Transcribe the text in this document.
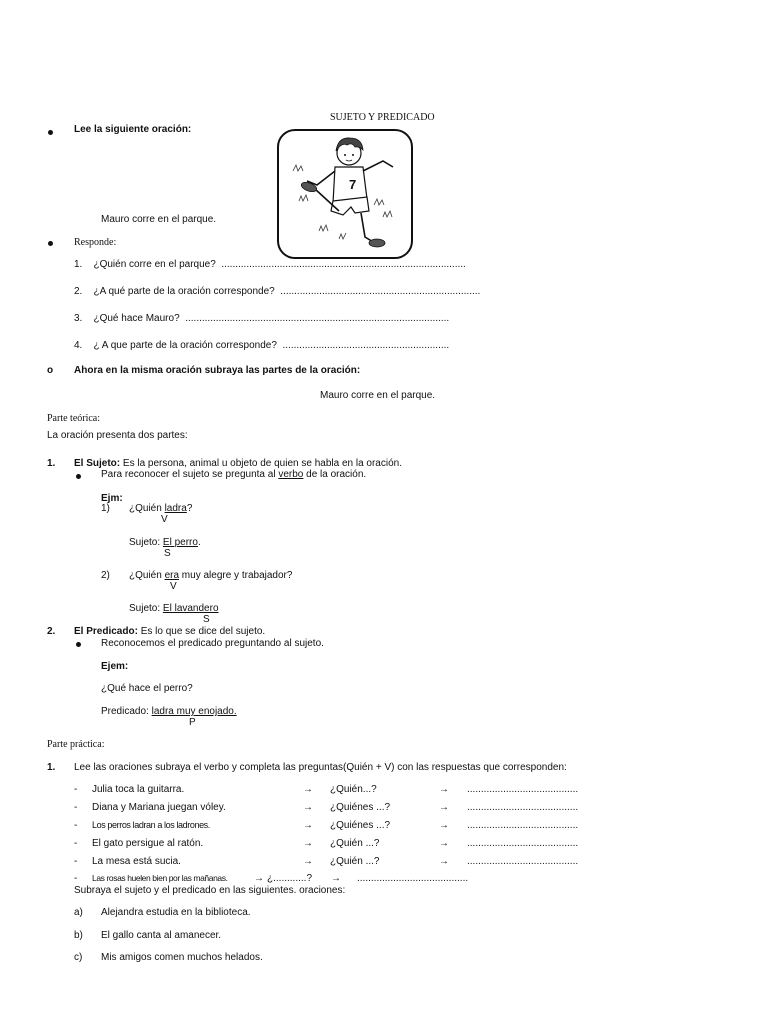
SUJETO Y PREDICADO
Lee la siguiente oración:
7
Mauro corre en el parque.
Responde:
1. ¿Quién corre en el parque? ........................................................................................
2. ¿A qué parte de la oración corresponde? ........................................................................
3. ¿Qué hace Mauro? ...............................................................................................
4. ¿ A que parte de la oración corresponde? ............................................................
o Ahora en la misma oración subraya las partes de la oración:
Mauro corre en el parque.
Parte teórica:
La oración presenta dos partes:
1. El Sujeto: Es la persona, animal u objeto de quien se habla en la oración.
Para reconocer el sujeto se pregunta al verbo de la oración.
Ejm:
1) ¿Quién ladra?
V
Sujeto: El perro.
S
2) ¿Quién era muy alegre y trabajador?
V
Sujeto: El lavandero
S
2. El Predicado: Es lo que se dice del sujeto.
Reconocemos el predicado preguntando al sujeto.
Ejem:
¿Qué hace el perro?
Predicado: ladra muy enojado.
P
Parte práctica:
1. Lee las oraciones subraya el verbo y completa las preguntas(Quién + V) con las respuestas que corresponden:
- Julia toca la guitarra.	→ ¿Quién...?	→ ........................................
- Diana y Mariana juegan vóley.	→ ¿Quiénes ...?	→ ........................................
- Los perros ladran a los ladrones.	→ ¿Quiénes ...?	→ ........................................
- El gato persigue al ratón.	→ ¿Quién ...?	→ ........................................
- La mesa está sucia.	→ ¿Quién ...?	→ ........................................
- Las rosas huelen bien por las mañanas.	→ ¿............? → ........................................
Subraya el sujeto y el predicado en las siguientes. oraciones:
a) Alejandra estudia en la biblioteca.
b) El gallo canta al amanecer.
c) Mis amigos comen muchos helados.
